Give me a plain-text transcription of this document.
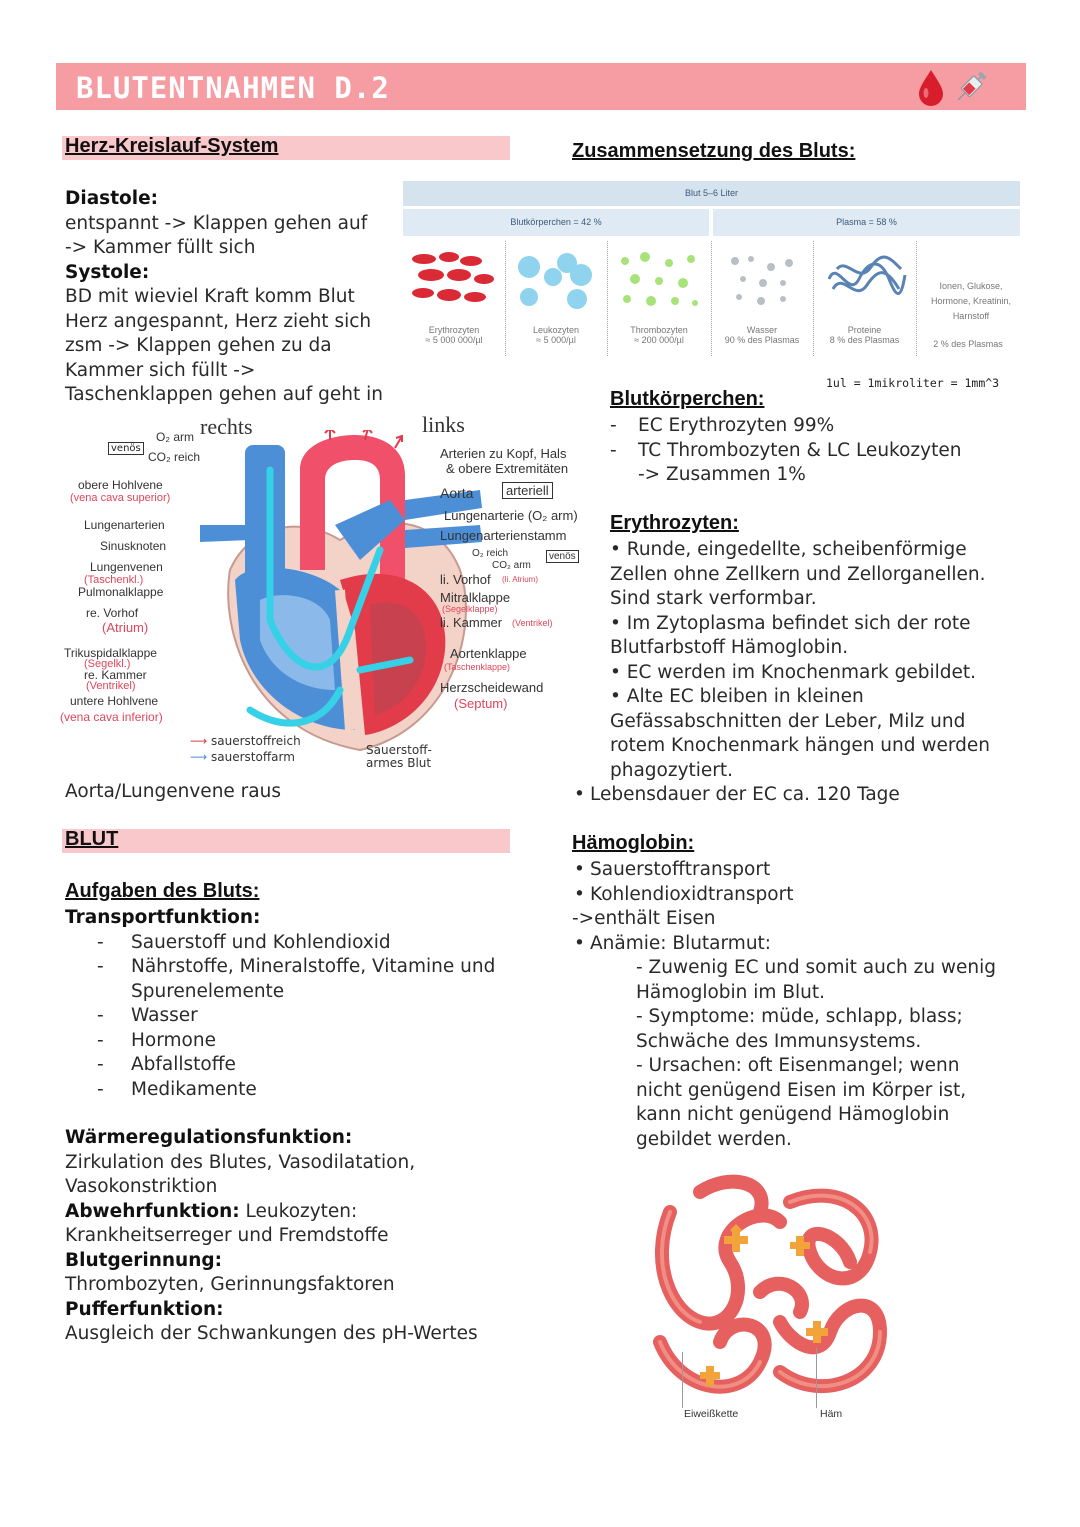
BLUTENTNAHMEN D.2
Herz-Kreislauf-System
Diastole:
entspannt -> Klappen gehen auf
-> Kammer füllt sich
Systole:
BD mit wieviel Kraft komm Blut
Herz angespannt, Herz zieht sich
zsm -> Klappen gehen zu da
Kammer sich füllt ->
Taschenklappen gehen auf geht in
rechts	links
venös
O₂ arm
CO₂ reich
obere Hohlvene
(vena cava superior)
Lungenarterien
Sinusknoten
Lungenvenen
(Taschenkl.)
Pulmonalklappe
re. Vorhof
(Atrium)
Trikuspidalklappe
(Segelkl.)
re. Kammer
(Ventrikel)
untere Hohlvene
(vena cava inferior)
Arterien zu Kopf, Hals
& obere Extremitäten
Aorta	arteriell
Lungenarterie (O₂ arm)
Lungenarterienstamm
O₂ reich
CO₂ arm
venös
li. Vorhof (li. Atrium)
Mitralklappe
(Segelklappe)
li. Kammer (Ventrikel)
Aortenklappe
(Taschenklappe)
Herzscheidewand
(Septum)
⟶ sauerstoffreich
⟶ sauerstoffarm	Sauerstoff- armes Blut
Aorta/Lungenvene raus
BLUT
Aufgaben des Bluts:
Transportfunktion:
- Sauerstoff und Kohlendioxid
- Nährstoffe, Mineralstoffe, Vitamine und
Spurenelemente
- Wasser
- Hormone
- Abfallstoffe
- Medikamente
Wärmeregulationsfunktion:
Zirkulation des Blutes, Vasodilatation,
Vasokonstriktion
Abwehrfunktion: Leukozyten:
Krankheitserreger und Fremdstoffe
Blutgerinnung:
Thrombozyten, Gerinnungsfaktoren
Pufferfunktion:
Ausgleich der Schwankungen des pH-Wertes
Zusammensetzung des Bluts:
Blut 5–6 Liter
Blutkörperchen = 42 %	Plasma = 58 %
Ionen, Glukose, Hormone, Kreatinin, Harnstoff
Erythrozyten
≈ 5 000 000/µl
Leukozyten
≈ 5 000/µl
Thrombozyten
≈ 200 000/µl
Wasser
90 % des Plasmas
Proteine
8 % des Plasmas	2 % des Plasmas
1ul = 1mikroliter = 1mm^3
Blutkörperchen:
- EC Erythrozyten 99%
- TC Thrombozyten & LC Leukozyten
-> Zusammen 1%
Erythrozyten:
• Runde, eingedellte, scheibenförmige
Zellen ohne Zellkern und Zellorganellen.
Sind stark verformbar.
• Im Zytoplasma befindet sich der rote
Blutfarbstoff Hämoglobin.
• EC werden im Knochenmark gebildet.
• Alte EC bleiben in kleinen
Gefässabschnitten der Leber, Milz und
rotem Knochenmark hängen und werden
phagozytiert.
• Lebensdauer der EC ca. 120 Tage
Hämoglobin:
• Sauerstofftransport
• Kohlendioxidtransport
->enthält Eisen
• Anämie: Blutarmut:
- Zuwenig EC und somit auch zu wenig
Hämoglobin im Blut.
- Symptome: müde, schlapp, blass;
Schwäche des Immunsystems.
- Ursachen: oft Eisenmangel; wenn
nicht genügend Eisen im Körper ist,
kann nicht genügend Hämoglobin
gebildet werden.
Eiweißkette	Häm
